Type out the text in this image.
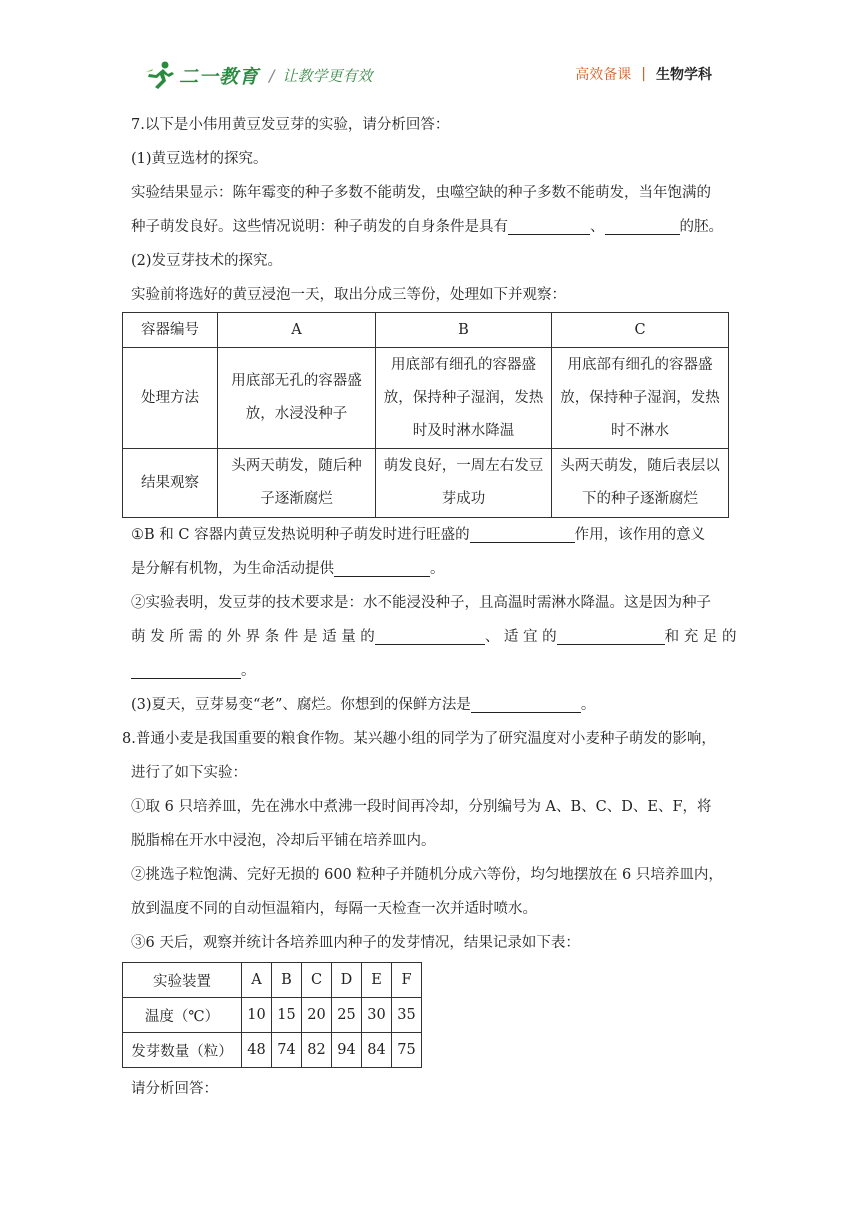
二一教育 / 让教学更有效	高效备课 | 生物学科
7.以下是小伟用黄豆发豆芽的实验，请分析回答：
(1)黄豆选材的探究。
实验结果显示：陈年霉变的种子多数不能萌发，虫噬空缺的种子多数不能萌发，当年饱满的
种子萌发良好。这些情况说明：种子萌发的自身条件是具有	、	的胚。
(2)发豆芽技术的探究。
实验前将选好的黄豆浸泡一天，取出分成三等份，处理如下并观察：
容器编号	A	B	C
处理方法	用底部无孔的容器盛放，水浸没种子	用底部有细孔的容器盛放，保持种子湿润，发热时及时淋水降温	用底部有细孔的容器盛放，保持种子湿润，发热时不淋水
结果观察	头两天萌发，随后种子逐渐腐烂	萌发良好，一周左右发豆芽成功	头两天萌发，随后表层以下的种子逐渐腐烂
①B 和 C 容器内黄豆发热说明种子萌发时进行旺盛的	作用，该作用的意义
是分解有机物，为生命活动提供	。
②实验表明，发豆芽的技术要求是：水不能浸没种子，且高温时需淋水降温。这是因为种子
萌 发 所 需 的 外 界 条 件 是 适 量 的	、 适 宜 的	和 充 足 的
。
(3)夏天，豆芽易变“老”、腐烂。你想到的保鲜方法是	。
8.普通小麦是我国重要的粮食作物。某兴趣小组的同学为了研究温度对小麦种子萌发的影响，
进行了如下实验：
①取 6 只培养皿，先在沸水中煮沸一段时间再冷却，分别编号为 A、B、C、D、E、F，将
脱脂棉在开水中浸泡，冷却后平铺在培养皿内。
②挑选子粒饱满、完好无损的 600 粒种子并随机分成六等份，均匀地摆放在 6 只培养皿内，
放到温度不同的自动恒温箱内，每隔一天检查一次并适时喷水。
③6 天后，观察并统计各培养皿内种子的发芽情况，结果记录如下表：
实验装置	A	B	C	D	E	F
温度（℃）	10	15	20	25	30	35
发芽数量（粒）	48	74	82	94	84	75
请分析回答：
